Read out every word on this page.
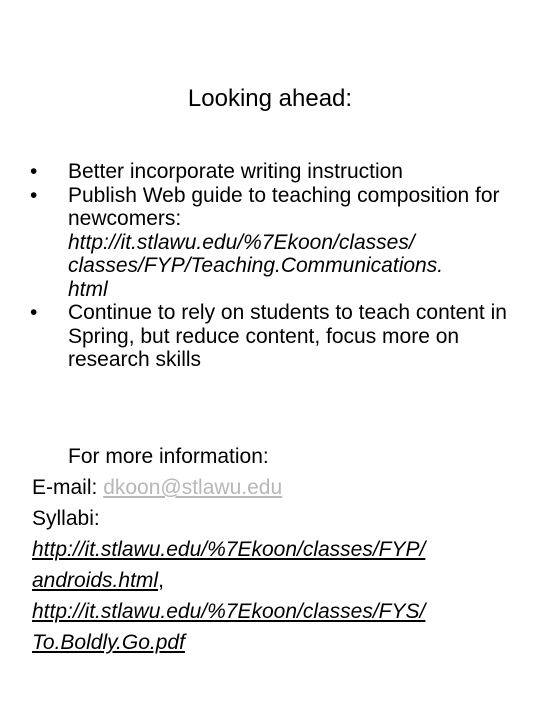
Looking ahead:
•	Better incorporate writing instruction
•	Publish Web guide to teaching composition for newcomers:
http://it.stlawu.edu/%7Ekoon/classes/
classes/FYP/Teaching.Communications.
html
•	Continue to rely on students to teach content in Spring, but reduce content, focus more on research skills
For more information:
E-mail: dkoon@stlawu.edu
Syllabi:
http://it.stlawu.edu/%7Ekoon/classes/FYP/
androids.html,
http://it.stlawu.edu/%7Ekoon/classes/FYS/
To.Boldly.Go.pdf
